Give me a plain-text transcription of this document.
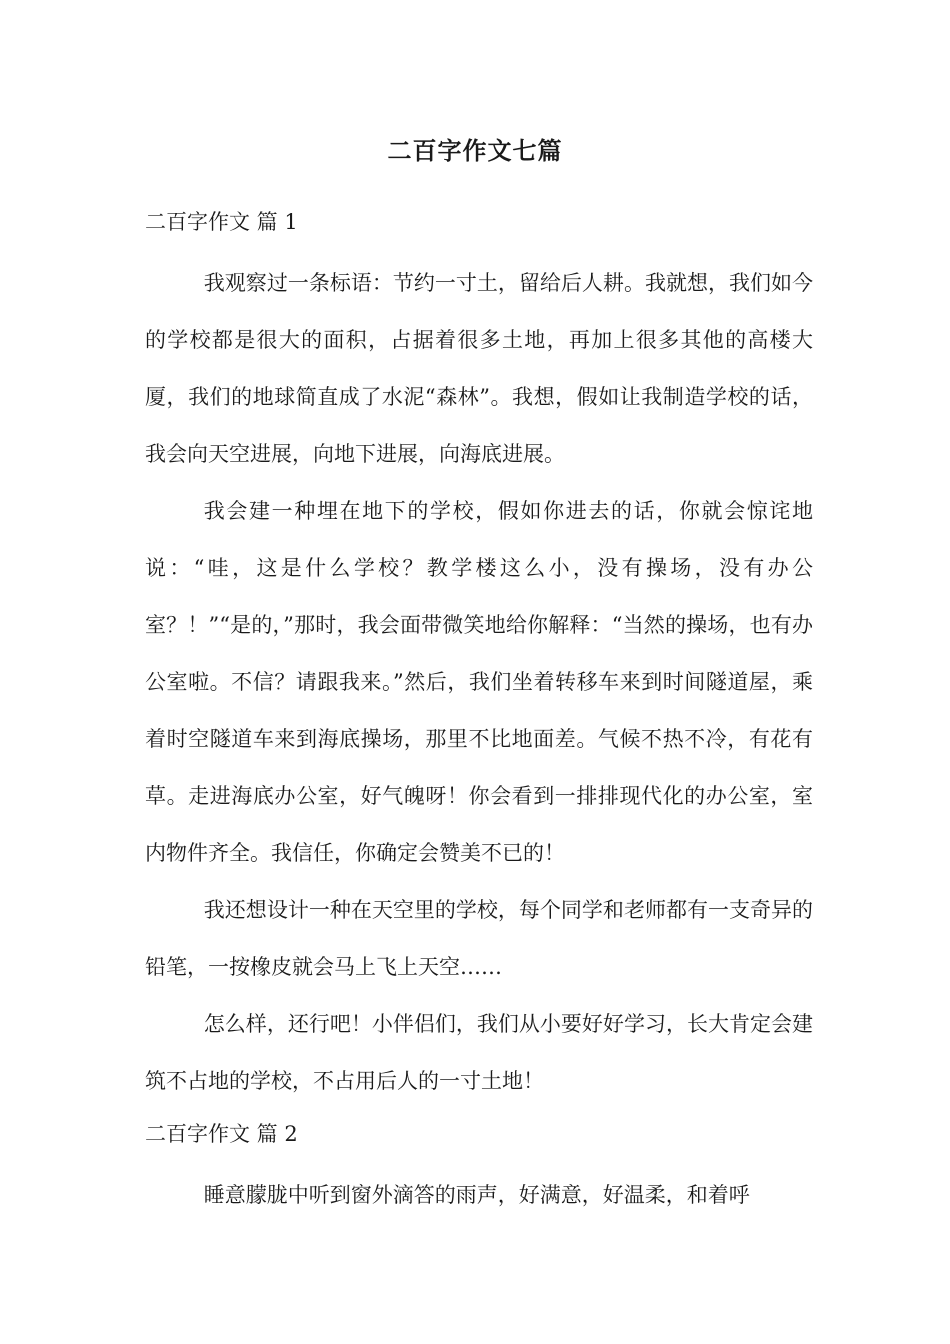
二百字作文七篇
二百字作文 篇 1

我观察过一条标语：节约一寸土，留给后人耕。我就想，我们如今的学校都是很大的面积，占据着很多土地，再加上很多其他的高楼大厦，我们的地球简直成了水泥“森林”。我想，假如让我制造学校的话，我会向天空进展，向地下进展，向海底进展。

我会建一种埋在地下的学校，假如你进去的话，你就会惊诧地说：“哇，这是什么学校？教学楼这么小，没有操场，没有办公室？！”“是的，”那时，我会面带微笑地给你解释：“当然的操场，也有办公室啦。不信？请跟我来。”然后，我们坐着转移车来到时间隧道屋，乘着时空隧道车来到海底操场，那里不比地面差。气候不热不冷，有花有草。走进海底办公室，好气魄呀！你会看到一排排现代化的办公室，室内物件齐全。我信任，你确定会赞美不已的！

我还想设计一种在天空里的学校，每个同学和老师都有一支奇异的铅笔，一按橡皮就会马上飞上天空……

怎么样，还行吧！小伴侣们，我们从小要好好学习，长大肯定会建筑不占地的学校，不占用后人的一寸土地！

二百字作文 篇 2

睡意朦胧中听到窗外滴答的雨声，好满意，好温柔，和着呼
